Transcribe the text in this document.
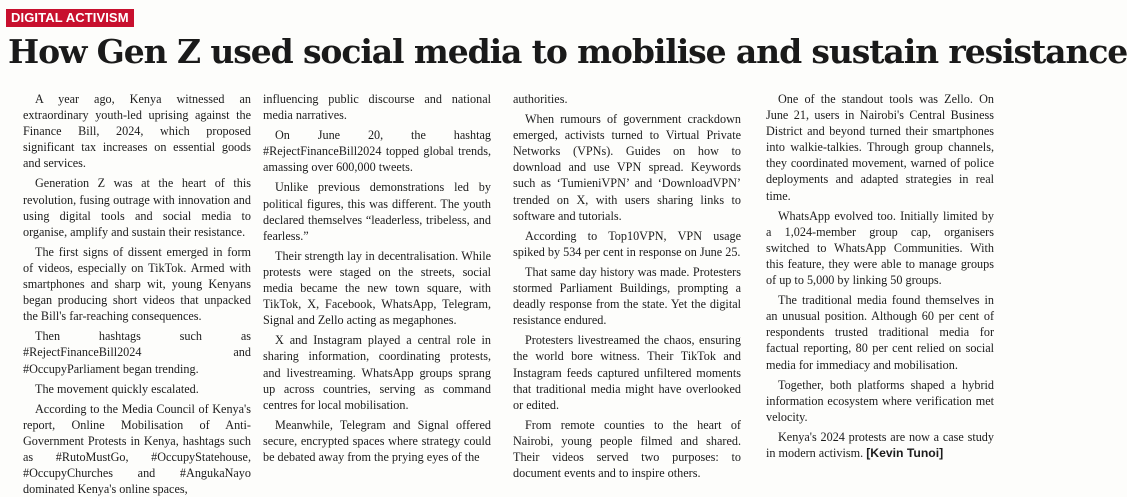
DIGITAL ACTIVISM
How Gen Z used social media to mobilise and sustain resistance

A year ago, Kenya witnessed an extraordinary youth-led uprising against the Finance Bill, 2024, which proposed significant tax increases on essential goods and services.

Generation Z was at the heart of this revolution, fusing outrage with innovation and using digital tools and social media to organise, amplify and sustain their resistance.

The first signs of dissent emerged in form of videos, especially on TikTok. Armed with smartphones and sharp wit, young Kenyans began producing short videos that unpacked the Bill's far-reaching consequences.

Then hashtags such as #RejectFinanceBill2024 and #OccupyParliament began trending.

The movement quickly escalated.

According to the Media Council of Kenya's report, Online Mobilisation of Anti-Government Protests in Kenya, hashtags such as #RutoMustGo, #OccupyStatehouse, #OccupyChurches and #AngukaNayo dominated Kenya's online spaces,

influencing public discourse and national media narratives.

On June 20, the hashtag #RejectFinanceBill2024 topped global trends, amassing over 600,000 tweets.

Unlike previous demonstrations led by political figures, this was different. The youth declared themselves “leaderless, tribeless, and fearless.”

Their strength lay in decentralisation. While protests were staged on the streets, social media became the new town square, with TikTok, X, Facebook, WhatsApp, Telegram, Signal and Zello acting as megaphones.

X and Instagram played a central role in sharing information, coordinating protests, and livestreaming. WhatsApp groups sprang up across countries, serving as command centres for local mobilisation.

Meanwhile, Telegram and Signal offered secure, encrypted spaces where strategy could be debated away from the prying eyes of the

authorities.

When rumours of government crackdown emerged, activists turned to Virtual Private Networks (VPNs). Guides on how to download and use VPN spread. Keywords such as ‘TumieniVPN’ and ‘DownloadVPN’ trended on X, with users sharing links to software and tutorials.

According to Top10VPN, VPN usage spiked by 534 per cent in response on June 25.

That same day history was made. Protesters stormed Parliament Buildings, prompting a deadly response from the state. Yet the digital resistance endured.

Protesters livestreamed the chaos, ensuring the world bore witness. Their TikTok and Instagram feeds captured unfiltered moments that traditional media might have overlooked or edited.

From remote counties to the heart of Nairobi, young people filmed and shared. Their videos served two purposes: to document events and to inspire others.

One of the standout tools was Zello. On June 21, users in Nairobi's Central Business District and beyond turned their smartphones into walkie-talkies. Through group channels, they coordinated movement, warned of police deployments and adapted strategies in real time.

WhatsApp evolved too. Initially limited by a 1,024-member group cap, organisers switched to WhatsApp Communities. With this feature, they were able to manage groups of up to 5,000 by linking 50 groups.

The traditional media found themselves in an unusual position. Although 60 per cent of respondents trusted traditional media for factual reporting, 80 per cent relied on social media for immediacy and mobilisation.

Together, both platforms shaped a hybrid information ecosystem where verification met velocity.

Kenya's 2024 protests are now a case study in modern activism. [Kevin Tunoi]
